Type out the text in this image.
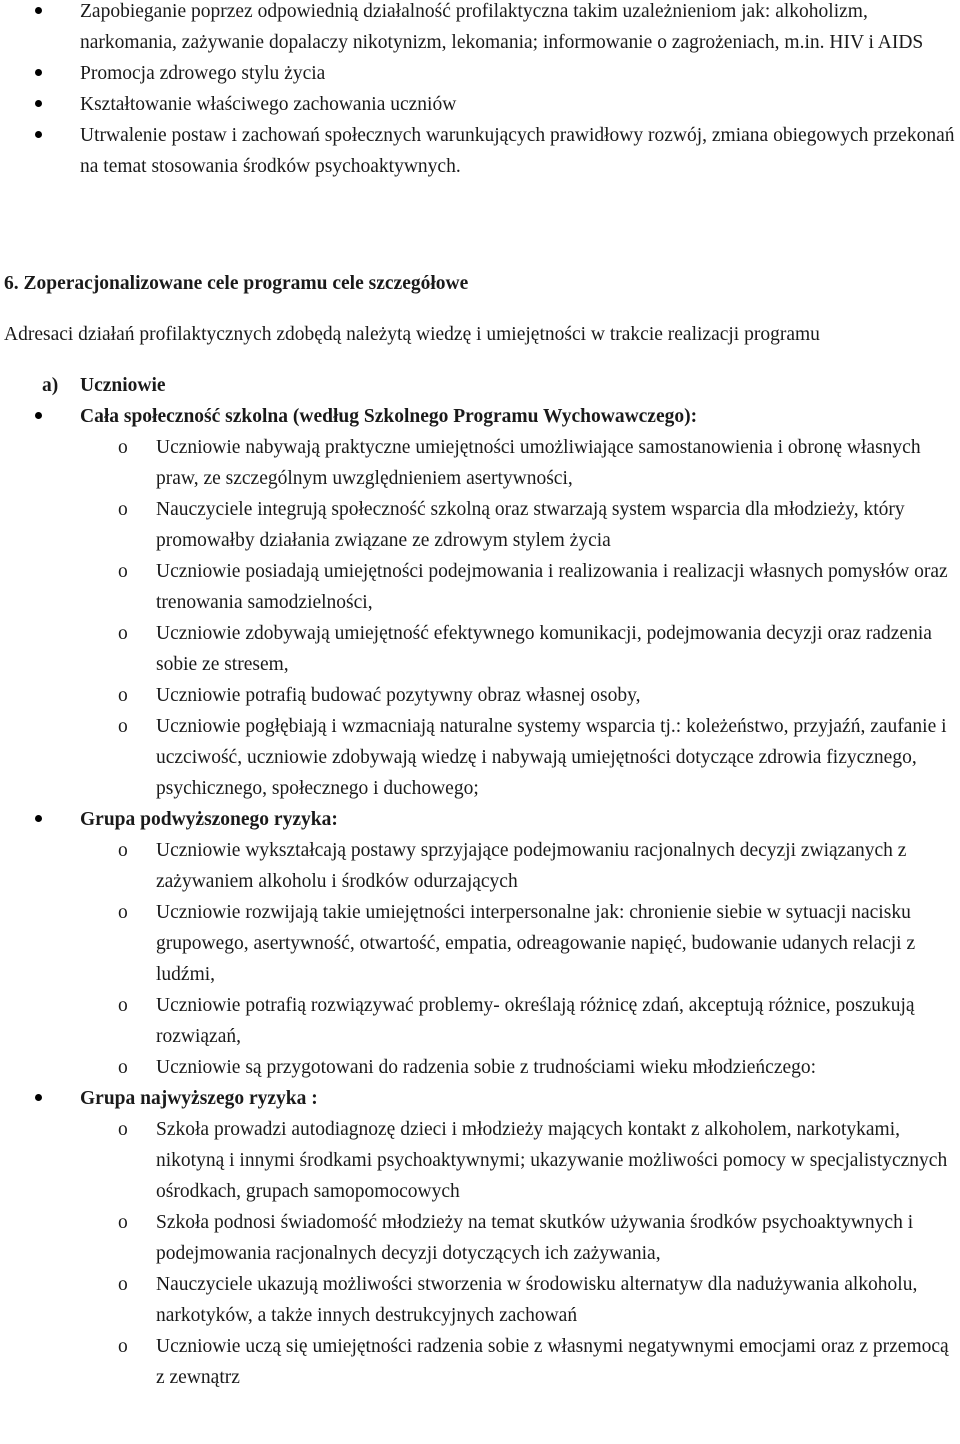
Zapobieganie poprzez odpowiednią działalność profilaktyczna takim uzależnieniom jak: alkoholizm, narkomania, zażywanie dopalaczy nikotynizm, lekomania; informowanie o zagrożeniach, m.in. HIV i AIDS
Promocja zdrowego stylu życia
Kształtowanie właściwego zachowania uczniów
Utrwalenie postaw i zachowań społecznych warunkujących prawidłowy rozwój, zmiana obiegowych przekonań na temat stosowania środków psychoaktywnych.
6. Zoperacjonalizowane cele programu cele szczegółowe
Adresaci działań profilaktycznych zdobędą należytą wiedzę i umiejętności w trakcie realizacji programu
a) Uczniowie
Cała społeczność szkolna (według Szkolnego Programu Wychowawczego):
o Uczniowie nabywają praktyczne umiejętności umożliwiające samostanowienia i obronę własnych praw, ze szczególnym uwzględnieniem asertywności,
o Nauczyciele integrują społeczność szkolną oraz stwarzają system wsparcia dla młodzieży, który promowałby działania związane ze zdrowym stylem życia
o Uczniowie posiadają umiejętności podejmowania i realizowania i realizacji własnych pomysłów oraz trenowania samodzielności,
o Uczniowie zdobywają umiejętność efektywnego komunikacji, podejmowania decyzji oraz radzenia sobie ze stresem,
o Uczniowie potrafią budować pozytywny obraz własnej osoby,
o Uczniowie pogłębiają i wzmacniają naturalne systemy wsparcia tj.: koleżeństwo, przyjaźń, zaufanie i uczciwość, uczniowie zdobywają wiedzę i nabywają umiejętności dotyczące zdrowia fizycznego, psychicznego, społecznego i duchowego;
Grupa podwyższonego ryzyka:
o Uczniowie wykształcają postawy sprzyjające podejmowaniu racjonalnych decyzji związanych z zażywaniem alkoholu i środków odurzających
o Uczniowie rozwijają takie umiejętności interpersonalne jak: chronienie siebie w sytuacji nacisku grupowego, asertywność, otwartość, empatia, odreagowanie napięć, budowanie udanych relacji z ludźmi,
o Uczniowie potrafią rozwiązywać problemy- określają różnicę zdań, akceptują różnice, poszukują rozwiązań,
o Uczniowie są przygotowani do radzenia sobie z trudnościami wieku młodzieńczego:
Grupa najwyższego ryzyka :
o Szkoła prowadzi autodiagnozę dzieci i młodzieży mających kontakt z alkoholem, narkotykami, nikotyną i innymi środkami psychoaktywnymi; ukazywanie możliwości pomocy w specjalistycznych ośrodkach, grupach samopomocowych
o Szkoła podnosi świadomość młodzieży na temat skutków używania środków psychoaktywnych i podejmowania racjonalnych decyzji dotyczących ich zażywania,
o Nauczyciele ukazują możliwości stworzenia w środowisku alternatyw dla nadużywania alkoholu, narkotyków, a także innych destrukcyjnych zachowań
o Uczniowie uczą się umiejętności radzenia sobie z własnymi negatywnymi emocjami oraz z przemocą z zewnątrz
